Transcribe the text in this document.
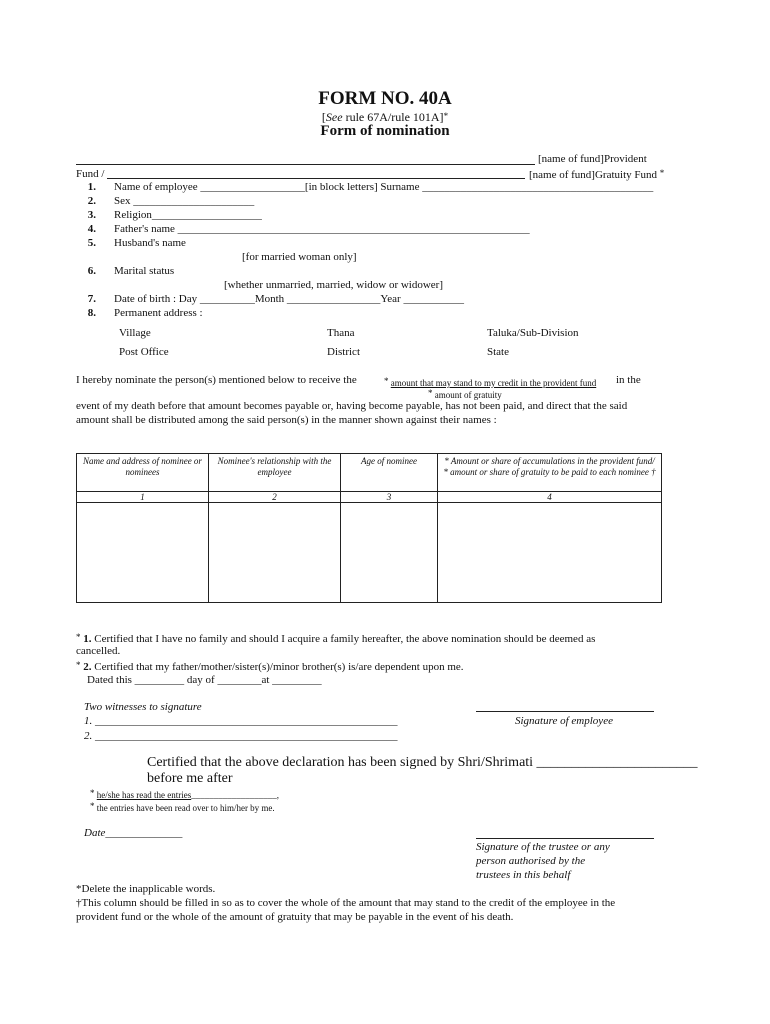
FORM NO. 40A
[See rule 67A/rule 101A]*
Form of nomination
[name of fund]Provident
Fund /	[name of fund]Gratuity Fund *
1. Name of employee ___________________[in block letters] Surname __________________________________________
2. Sex ______________________
3. Religion____________________
4. Father's name ________________________________________________________________
5. Husband's name
[for married woman only]
6. Marital status
[whether unmarried, married, widow or widower]
7. Date of birth : Day __________Month _________________Year ___________
8. Permanent address :
Village	Thana	Taluka/Sub-Division
Post Office	District	State
I hereby nominate the person(s) mentioned below to receive the	* amount that may stand to my credit in the provident fund in the
* amount of gratuity
event of my death before that amount becomes payable or, having become payable, has not been paid, and direct that the said
amount shall be distributed among the said person(s) in the manner shown against their names :
Name and address of nominee or nominees	Nominee's relationship with the employee	Age of nominee	* Amount or share of accumulations in the provident fund/ * amount or share of gratuity to be paid to each nominee †
1	2	3	4

* 1. Certified that I have no family and should I acquire a family hereafter, the above nomination should be deemed as
cancelled.
* 2. Certified that my father/mother/sister(s)/minor brother(s) is/are dependent upon me.
Dated this _________ day of ________at _________
Two witnesses to signature
1. _______________________________________________________
2. _______________________________________________________
Signature of employee
Certified that the above declaration has been signed by Shri/Shrimati _______________________
before me after
* he/she has read the entries___________________,
* the entries have been read over to him/her by me.
Date______________
Signature of the trustee or any
person authorised by the
trustees in this behalf
*Delete the inapplicable words.
†This column should be filled in so as to cover the whole of the amount that may stand to the credit of the employee in the
provident fund or the whole of the amount of gratuity that may be payable in the event of his death.
